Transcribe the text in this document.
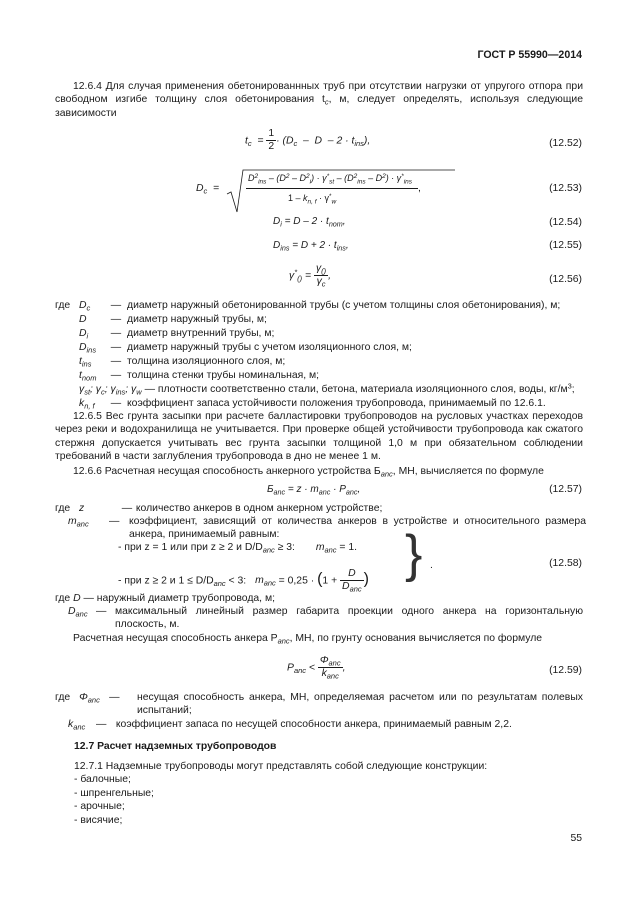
ГОСТ Р 55990—2014
12.6.4 Для случая применения обетонированнных труб при отсутствии нагрузки от упругого отпора при свободном изгибе толщину слоя обетонирования $t_c$, м, следует определять, используя следующие зависимости
$t_c = \frac{1}{2} \cdot (D_c - D - 2 \cdot t_{ins})$,	(12.52)
$D_c$  =
$D^2_{ins} - (D^2 - D^2_i) \cdot \gamma^*_{st} - (D^2_{ins} - D^2) \cdot \gamma^*_{ins}$
$1 - k_{n, f} \cdot \gamma^*_w$
,	(12.53)
$D_i = D - 2 \cdot t_{nom}$,	(12.54)
$D_{ins} = D + 2 \cdot t_{ins}$,	(12.55)
$\gamma^*_{()} = \frac{\gamma_{()}}{\gamma_c}$ ,	(12.56)
где $D_c$ — диаметр наружный обетонированной трубы (с учетом толщины слоя обетонирования), м;
D — диаметр наружный трубы, м;
$D_i$ — диаметр внутренний трубы, м;
$D_{ins}$ — диаметр наружный трубы с учетом изоляционного слоя, м;
$t_{ins}$ — толщина изоляционного слоя, м;
$t_{nom}$ — толщина стенки трубы номинальная, м;
$\gamma_{st}$; $\gamma_c$; $\gamma_{ins}$; $\gamma_w$ — плотности соответственно стали, бетона, материала изоляционного слоя, воды, $кг/м^3$;
$k_{n, f}$ — коэффициент запаса устойчивости положения трубопровода, принимаемый по 12.6.1.
12.6.5 Вес грунта засыпки при расчете балластировки трубопроводов на русловых участках переходов через реки и водохранилища не учитывается. При проверке общей устойчивости трубопровода как сжатого стержня допускается учитывать вес грунта засыпки толщиной 1,0 м при обязательном соблюдении требований в части заглубления трубопровода в дно не менее 1 м.
12.6.6 Расчетная несущая способность анкерного устройства $Б_{anc}$, МН, вычисляется по формуле
$Б_{anc} = z \cdot m_{anc} \cdot P_{anc}$,	(12.57)
где z	— количество анкеров в одном анкерном устройстве;
$m_{anc}$ — коэффициент, зависящий от количества анкеров в устройстве и относительного размера анкера, принимаемый равным:
- при z = 1 или при z ≥ 2 и $D/D_{anc} \ge 3$: $m_{anc} = 1$.
- при z ≥ 2 и $1 \le D/D_{anc} < 3$: $m_{anc} = 0,25 \cdot (1 + \frac{D}{D_{anc}}$ ) } .	(12.58)
где D — наружный диаметр трубопровода, м;
$D_{anc}$ — максимальный линейный размер габарита проекции одного анкера на горизонтальную плоскость, м.
Расчетная несущая способность анкера $P_{anc}$, МН, по грунту основания вычисляется по формуле
$P_{anc} < \frac{\Phi_{anc}}{k_{anc}}$ ,	(12.59)
где $\Phi_{anc}$ — несущая способность анкера, МН, определяемая расчетом или по результатам полевых испытаний;
$k_{anc}$ — коэффициент запаса по несущей способности анкера, принимаемый равным 2,2.
12.7 Расчет надземных трубопроводов
12.7.1 Надземные трубопроводы могут представлять собой следующие конструкции:
- балочные;
- шпренгельные;
- арочные;
- висячие;
55
